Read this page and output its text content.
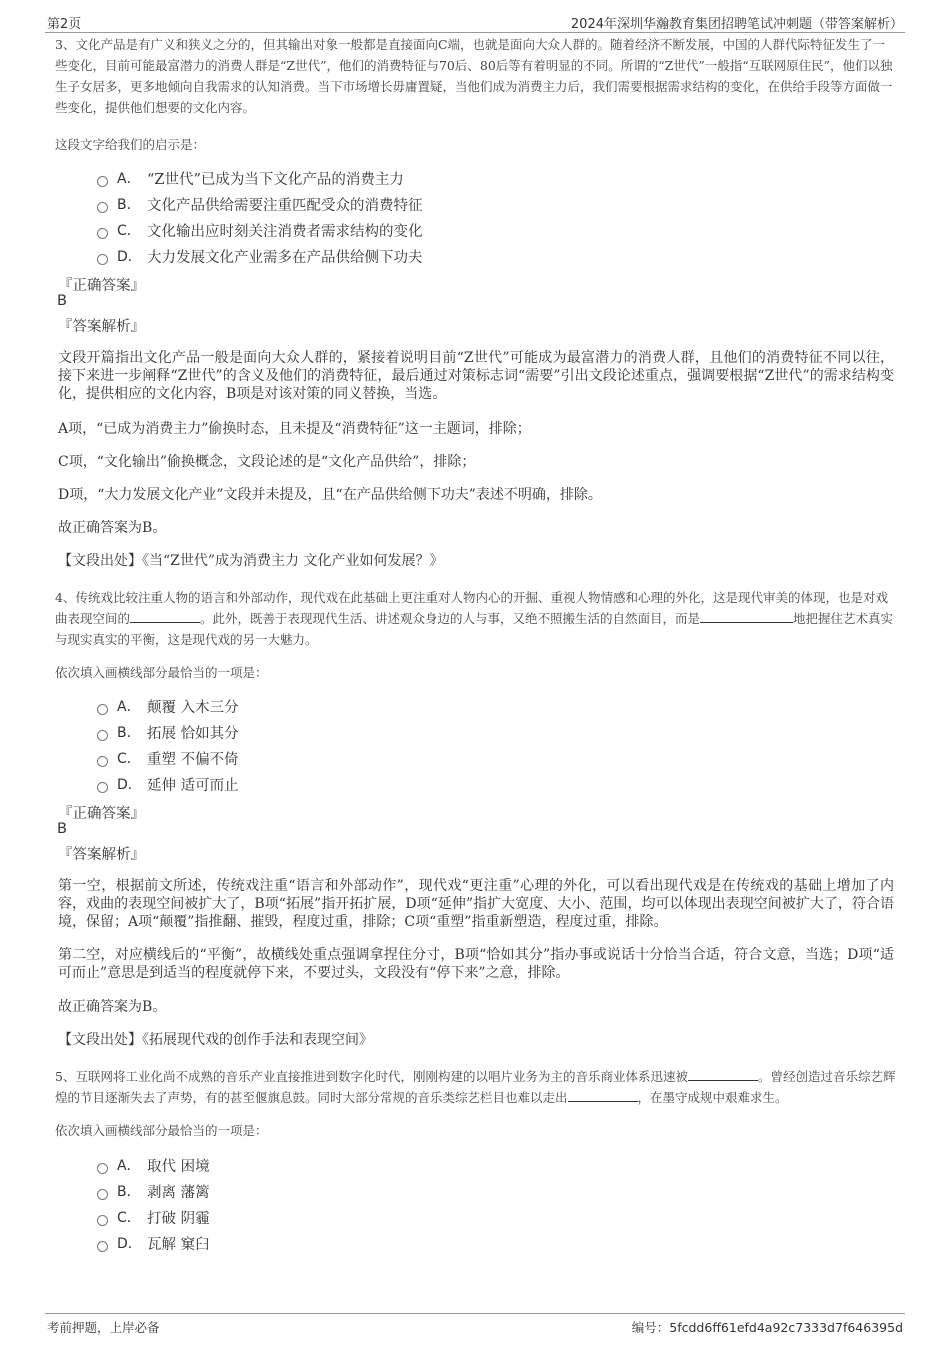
第2页	2024年深圳华瀚教育集团招聘笔试冲刺题（带答案解析）
3、文化产品是有广义和狭义之分的，但其输出对象一般都是直接面向C端，也就是面向大众人群的。随着经济不断发展，中国的人群代际特征发生了一些变化，目前可能最富潜力的消费人群是“Z世代”，他们的消费特征与70后、80后等有着明显的不同。所谓的“Z世代”一般指“互联网原住民”，他们以独生子女居多，更多地倾向自我需求的认知消费。当下市场增长毋庸置疑，当他们成为消费主力后，我们需要根据需求结构的变化，在供给手段等方面做一些变化，提供他们想要的文化内容。
这段文字给我们的启示是：
A． “Z世代”已成为当下文化产品的消费主力
B． 文化产品供给需要注重匹配受众的消费特征
C． 文化输出应时刻关注消费者需求结构的变化
D． 大力发展文化产业需多在产品供给侧下功夫
『正确答案』
B
『答案解析』
文段开篇指出文化产品一般是面向大众人群的，紧接着说明目前“Z世代”可能成为最富潜力的消费人群，且他们的消费特征不同以往，接下来进一步阐释“Z世代”的含义及他们的消费特征，最后通过对策标志词“需要”引出文段论述重点，强调要根据“Z世代”的需求结构变化，提供相应的文化内容，B项是对该对策的同义替换，当选。
A项，“已成为消费主力”偷换时态，且未提及“消费特征”这一主题词，排除；
C项，“文化输出”偷换概念，文段论述的是“文化产品供给”，排除；
D项，“大力发展文化产业”文段并未提及，且“在产品供给侧下功夫”表述不明确，排除。
故正确答案为B。
【文段出处】《当“Z世代”成为消费主力 文化产业如何发展？》
4、传统戏比较注重人物的语言和外部动作，现代戏在此基础上更注重对人物内心的开掘、重视人物情感和心理的外化，这是现代审美的体现，也是对戏曲表现空间的	。此外，既善于表现现代生活、讲述观众身边的人与事，又绝不照搬生活的自然面目，而是	地把握住艺术真实与现实真实的平衡，这是现代戏的另一大魅力。
依次填入画横线部分最恰当的一项是：
A． 颠覆 入木三分
B． 拓展 恰如其分
C． 重塑 不偏不倚
D． 延伸 适可而止
『正确答案』
B
『答案解析』
第一空，根据前文所述，传统戏注重“语言和外部动作”，现代戏“更注重”心理的外化，可以看出现代戏是在传统戏的基础上增加了内容，戏曲的表现空间被扩大了，B项“拓展”指开拓扩展，D项“延伸”指扩大宽度、大小、范围，均可以体现出表现空间被扩大了，符合语境，保留；A项“颠覆”指推翻、摧毁，程度过重，排除；C项“重塑”指重新塑造，程度过重，排除。
第二空，对应横线后的“平衡”，故横线处重点强调拿捏住分寸，B项“恰如其分”指办事或说话十分恰当合适，符合文意，当选；D项“适可而止”意思是到适当的程度就停下来，不要过头，文段没有“停下来”之意，排除。
故正确答案为B。
【文段出处】《拓展现代戏的创作手法和表现空间》
5、互联网将工业化尚不成熟的音乐产业直接推进到数字化时代，刚刚构建的以唱片业务为主的音乐商业体系迅速被	。曾经创造过音乐综艺辉煌的节目逐渐失去了声势，有的甚至偃旗息鼓。同时大部分常规的音乐类综艺栏目也难以走出	，在墨守成规中艰难求生。
依次填入画横线部分最恰当的一项是：
A． 取代 困境
B． 剥离 藩篱
C． 打破 阴霾
D． 瓦解 窠臼
考前押题，上岸必备	编号：5fcdd6ff61efd4a92c7333d7f646395d
